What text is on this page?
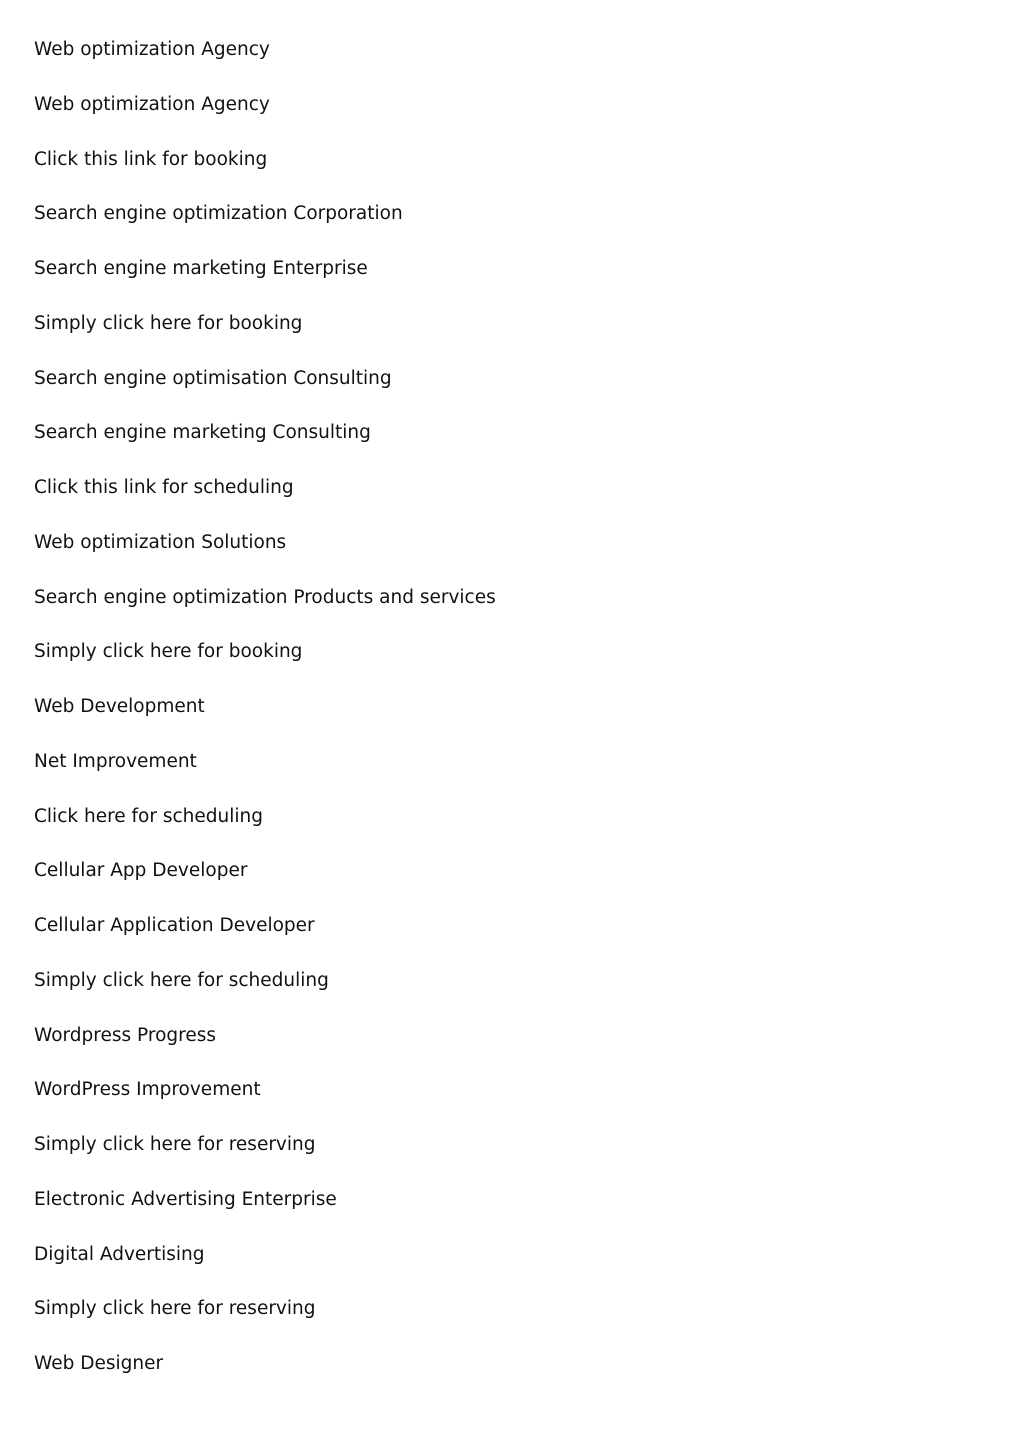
Web optimization Agency
Web optimization Agency
Click this link for booking
Search engine optimization Corporation
Search engine marketing Enterprise
Simply click here for booking
Search engine optimisation Consulting
Search engine marketing Consulting
Click this link for scheduling
Web optimization Solutions
Search engine optimization Products and services
Simply click here for booking
Web Development
Net Improvement
Click here for scheduling
Cellular App Developer
Cellular Application Developer
Simply click here for scheduling
Wordpress Progress
WordPress Improvement
Simply click here for reserving
Electronic Advertising Enterprise
Digital Advertising
Simply click here for reserving
Web Designer
